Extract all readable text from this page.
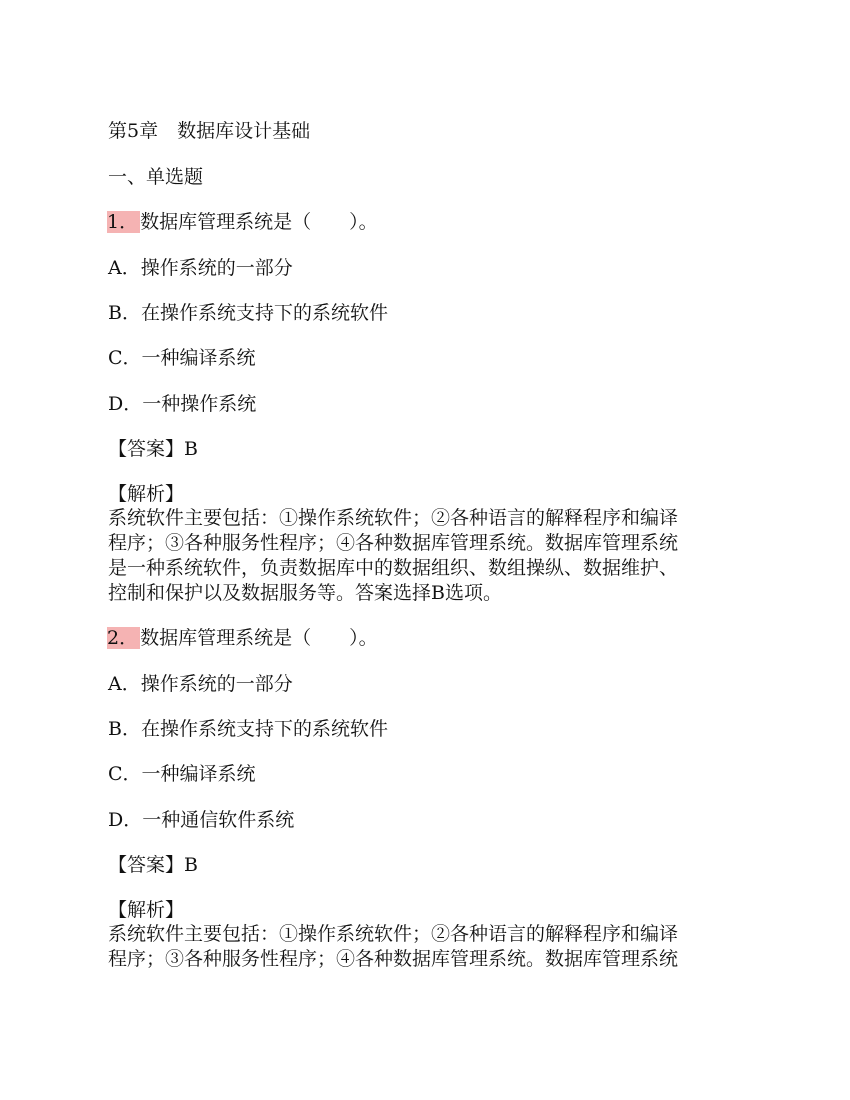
第5章　数据库设计基础
一、单选题
1． 数据库管理系统是（　　）。
A．操作系统的一部分
B．在操作系统支持下的系统软件
C．一种编译系统
D．一种操作系统
【答案】B
【解析】
系统软件主要包括：①操作系统软件；②各种语言的解释程序和编译
程序；③各种服务性程序；④各种数据库管理系统。数据库管理系统
是一种系统软件，负责数据库中的数据组织、数组操纵、数据维护、
控制和保护以及数据服务等。答案选择B选项。
2． 数据库管理系统是（　　）。
A．操作系统的一部分
B．在操作系统支持下的系统软件
C．一种编译系统
D．一种通信软件系统
【答案】B
【解析】
系统软件主要包括：①操作系统软件；②各种语言的解释程序和编译
程序；③各种服务性程序；④各种数据库管理系统。数据库管理系统
